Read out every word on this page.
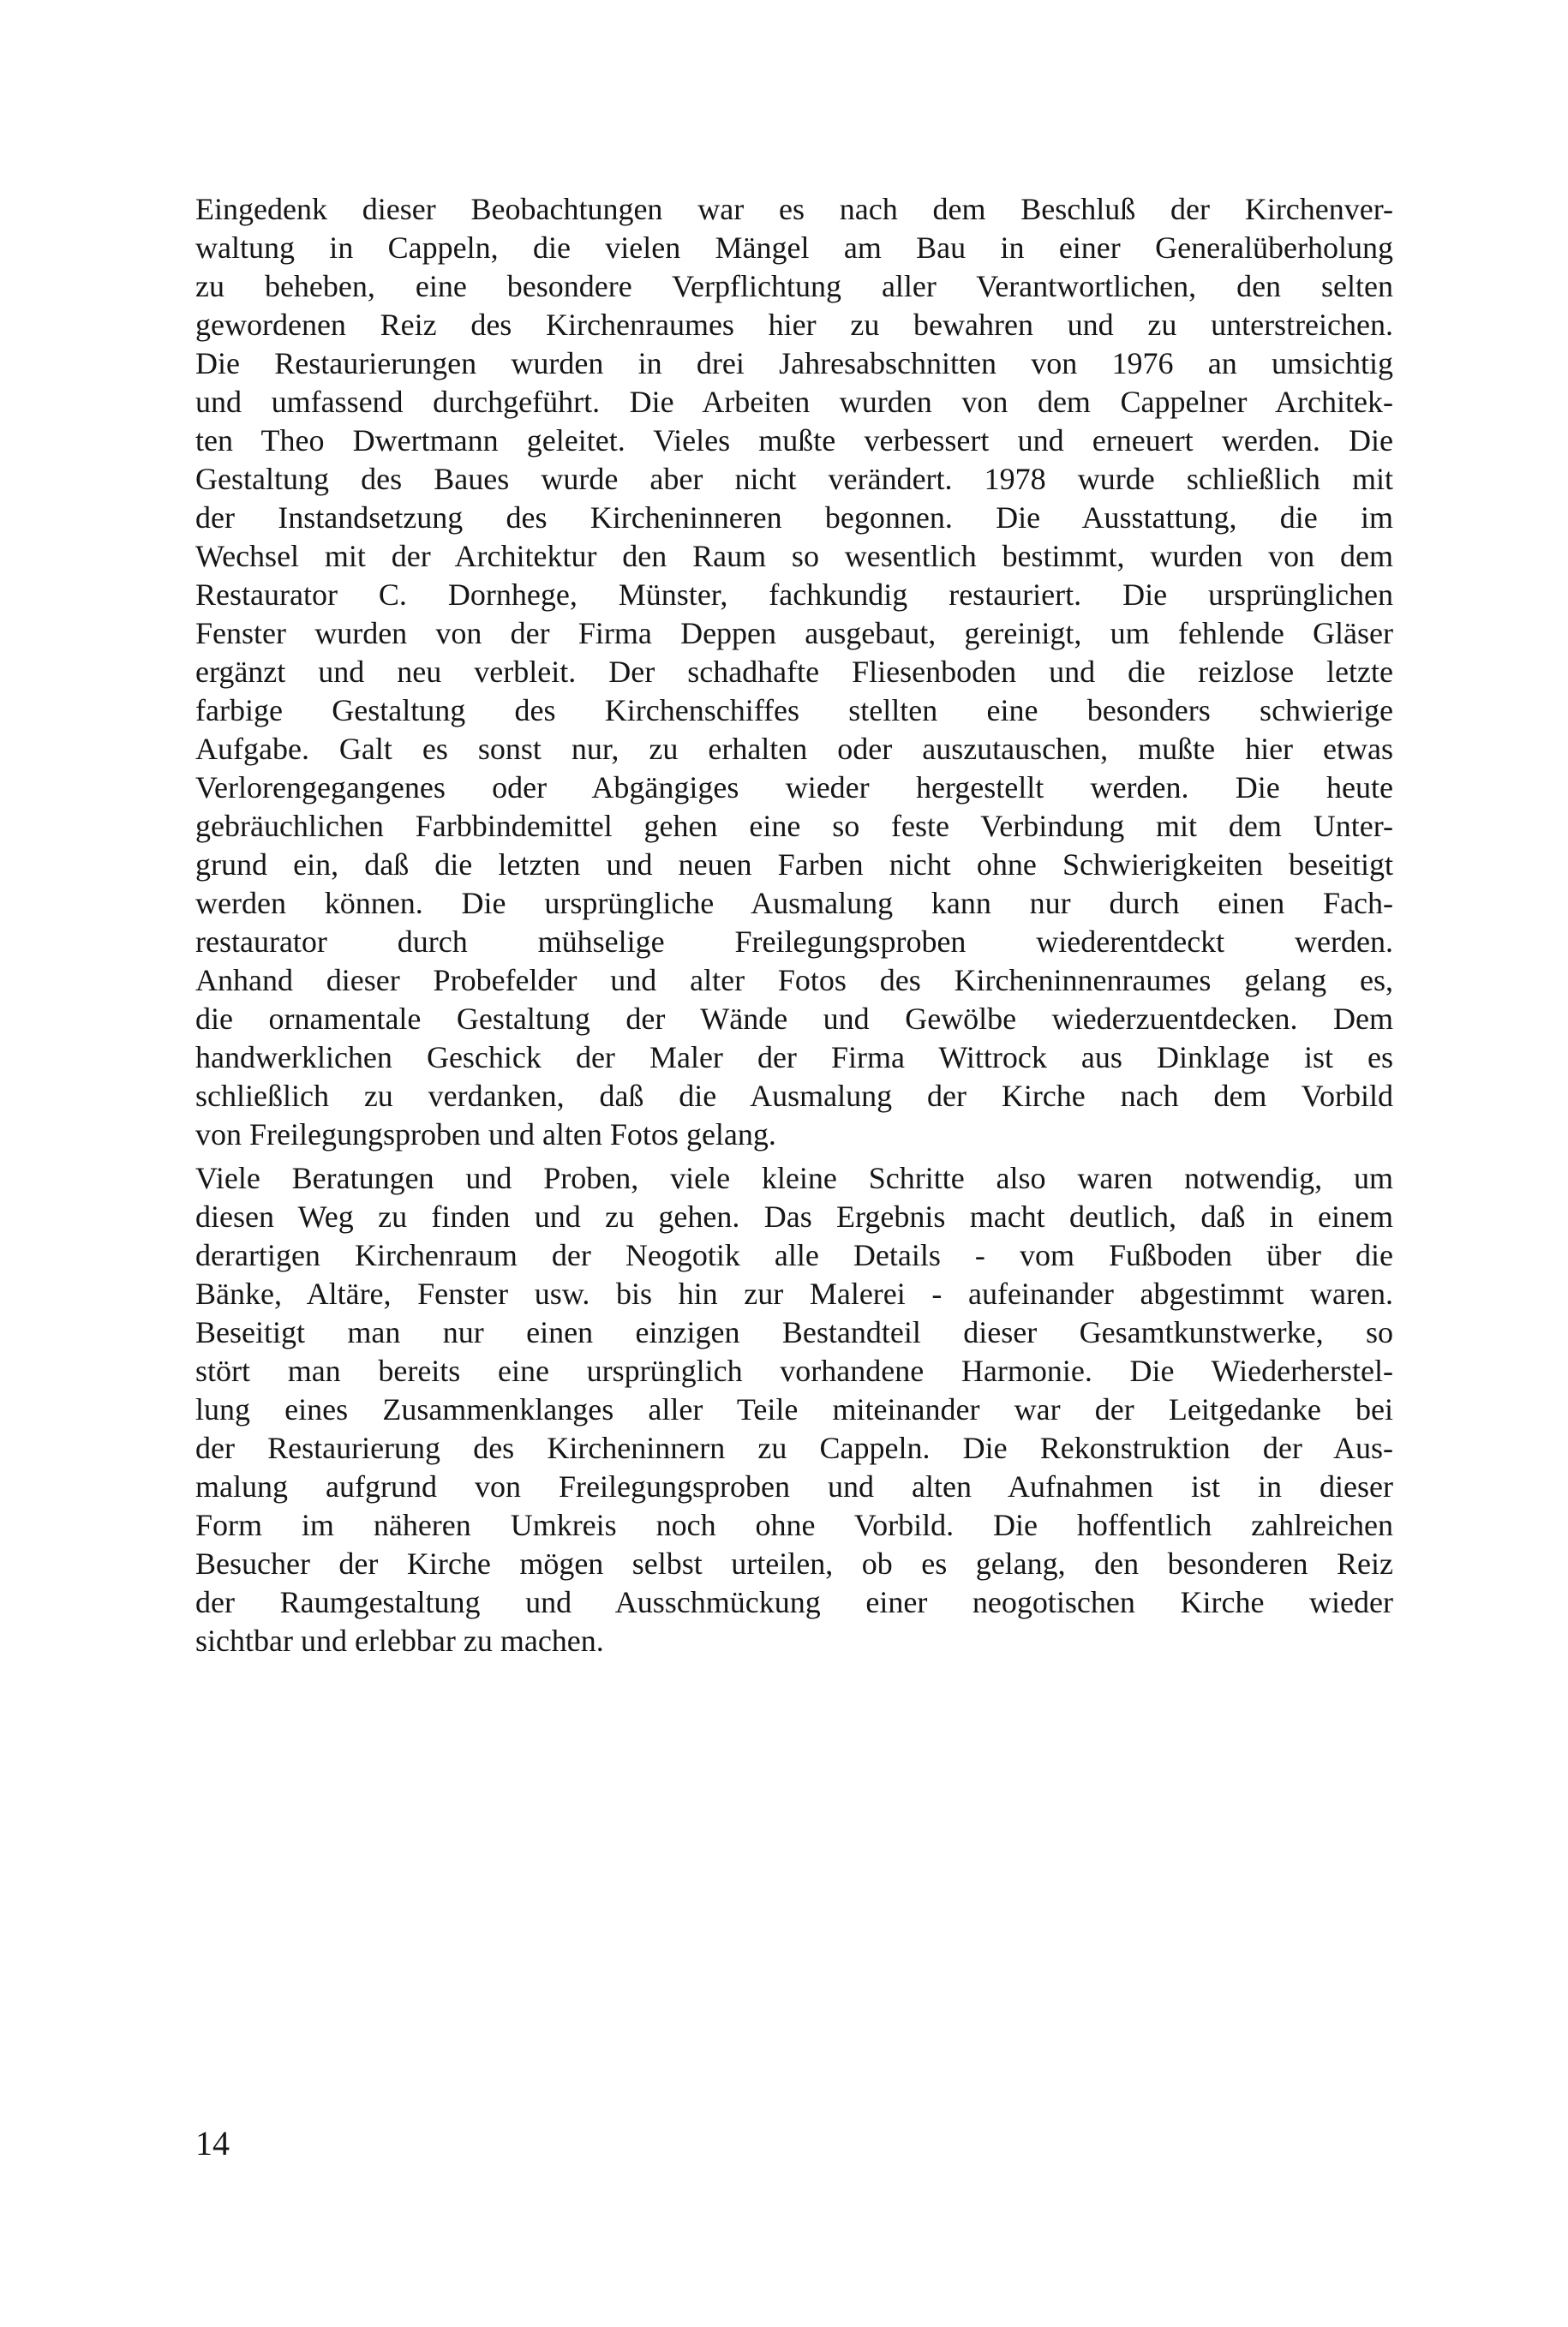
Eingedenk dieser Beobachtungen war es nach dem Beschluß der Kirchenver-
waltung in Cappeln, die vielen Mängel am Bau in einer Generalüberholung
zu beheben, eine besondere Verpflichtung aller Verantwortlichen, den selten
gewordenen Reiz des Kirchenraumes hier zu bewahren und zu unterstreichen.
Die Restaurierungen wurden in drei Jahresabschnitten von 1976 an umsichtig
und umfassend durchgeführt. Die Arbeiten wurden von dem Cappelner Architek-
ten Theo Dwertmann geleitet. Vieles mußte verbessert und erneuert werden. Die
Gestaltung des Baues wurde aber nicht verändert. 1978 wurde schließlich mit
der Instandsetzung des Kircheninneren begonnen. Die Ausstattung, die im
Wechsel mit der Architektur den Raum so wesentlich bestimmt, wurden von dem
Restaurator C. Dornhege, Münster, fachkundig restauriert. Die ursprünglichen
Fenster wurden von der Firma Deppen ausgebaut, gereinigt, um fehlende Gläser
ergänzt und neu verbleit. Der schadhafte Fliesenboden und die reizlose letzte
farbige Gestaltung des Kirchenschiffes stellten eine besonders schwierige
Aufgabe. Galt es sonst nur, zu erhalten oder auszutauschen, mußte hier etwas
Verlorengegangenes oder Abgängiges wieder hergestellt werden. Die heute
gebräuchlichen Farbbindemittel gehen eine so feste Verbindung mit dem Unter-
grund ein, daß die letzten und neuen Farben nicht ohne Schwierigkeiten beseitigt
werden können. Die ursprüngliche Ausmalung kann nur durch einen Fach-
restaurator durch mühselige Freilegungsproben wiederentdeckt werden.
Anhand dieser Probefelder und alter Fotos des Kircheninnenraumes gelang es,
die ornamentale Gestaltung der Wände und Gewölbe wiederzuentdecken. Dem
handwerklichen Geschick der Maler der Firma Wittrock aus Dinklage ist es
schließlich zu verdanken, daß die Ausmalung der Kirche nach dem Vorbild
von Freilegungsproben und alten Fotos gelang.
Viele Beratungen und Proben, viele kleine Schritte also waren notwendig, um
diesen Weg zu finden und zu gehen. Das Ergebnis macht deutlich, daß in einem
derartigen Kirchenraum der Neogotik alle Details - vom Fußboden über die
Bänke, Altäre, Fenster usw. bis hin zur Malerei - aufeinander abgestimmt waren.
Beseitigt man nur einen einzigen Bestandteil dieser Gesamtkunstwerke, so
stört man bereits eine ursprünglich vorhandene Harmonie. Die Wiederherstel-
lung eines Zusammenklanges aller Teile miteinander war der Leitgedanke bei
der Restaurierung des Kircheninnern zu Cappeln. Die Rekonstruktion der Aus-
malung aufgrund von Freilegungsproben und alten Aufnahmen ist in dieser
Form im näheren Umkreis noch ohne Vorbild. Die hoffentlich zahlreichen
Besucher der Kirche mögen selbst urteilen, ob es gelang, den besonderen Reiz
der Raumgestaltung und Ausschmückung einer neogotischen Kirche wieder
sichtbar und erlebbar zu machen.
14
